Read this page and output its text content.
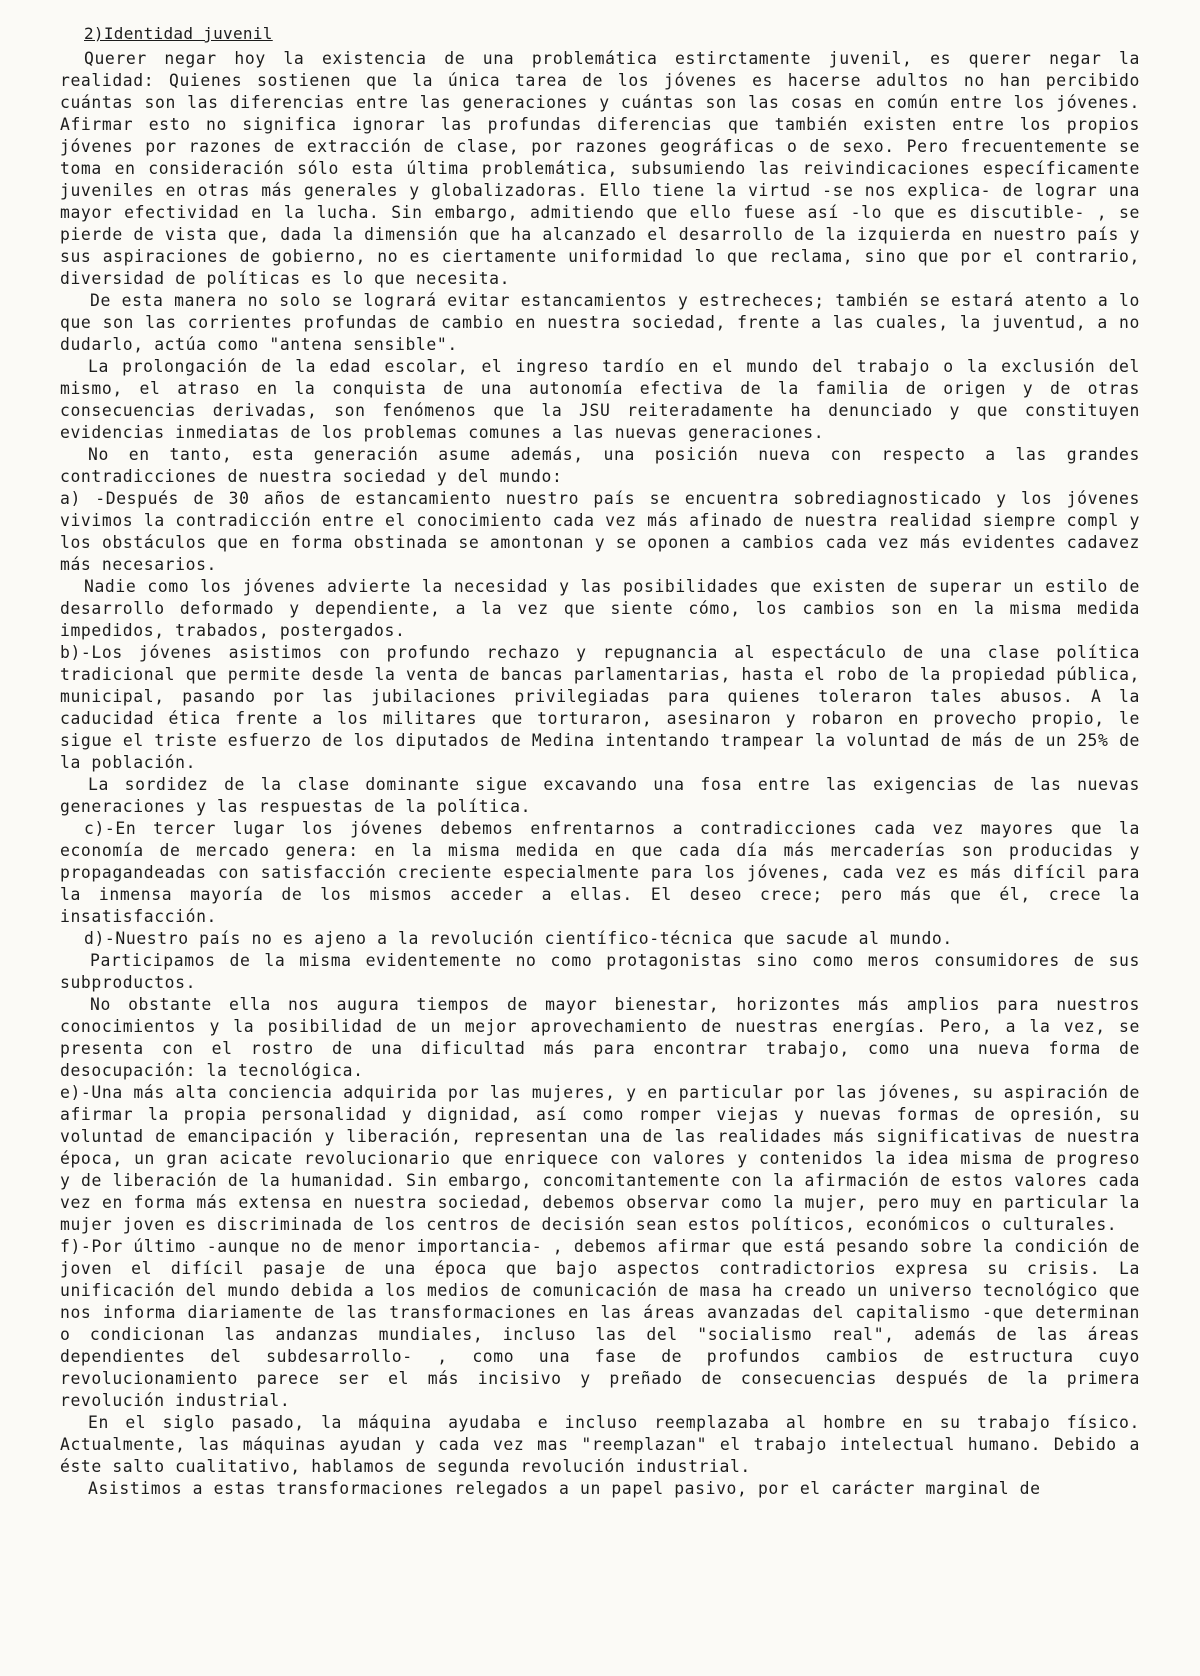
2)Identidad juvenil

Querer negar hoy la existencia de una problemática estirctamente juvenil, es querer negar la realidad: Quienes sostienen que la única tarea de los jóvenes es hacerse adultos no han percibido cuántas son las diferencias entre las generaciones y cuántas son las cosas en común entre los jóvenes. Afirmar esto no significa ignorar las profundas diferencias que también existen entre los propios jóvenes por razones de extracción de clase, por razones geográficas o de sexo. Pero frecuentemente se toma en consideración sólo esta última problemática, subsumiendo las reivindicaciones específicamente juveniles en otras más generales y globalizadoras. Ello tiene la virtud -se nos explica- de lograr una mayor efectividad en la lucha. Sin embargo, admitiendo que ello fuese así -lo que es discutible- , se pierde de vista que, dada la dimensión que ha alcanzado el desarrollo de la izquierda en nuestro país y sus aspiraciones de gobierno, no es ciertamente uniformidad lo que reclama, sino que por el contrario, diversidad de políticas es lo que necesita.

De esta manera no solo se logrará evitar estancamientos y estrecheces; también se estará atento a lo que son las corrientes profundas de cambio en nuestra sociedad, frente a las cuales, la juventud, a no dudarlo, actúa como "antena sensible".

La prolongación de la edad escolar, el ingreso tardío en el mundo del trabajo o la exclusión del mismo, el atraso en la conquista de una autonomía efectiva de la familia de origen y de otras consecuencias derivadas, son fenómenos que la JSU reiteradamente ha denunciado y que constituyen evidencias inmediatas de los problemas comunes a las nuevas generaciones.

No en tanto, esta generación asume además, una posición nueva con respecto a las grandes contradicciones de nuestra sociedad y del mundo:

a) -Después de 30 años de estancamiento nuestro país se encuentra sobrediagnosticado y los jóvenes vivimos la contradicción entre el conocimiento cada vez más afinado de nuestra realidad siempre compl y los obstáculos que en forma obstinada se amontonan y se oponen a cambios cada vez más evidentes cadavez más necesarios.

Nadie como los jóvenes advierte la necesidad y las posibilidades que existen de superar un estilo de desarrollo deformado y dependiente, a la vez que siente cómo, los cambios son en la misma medida impedidos, trabados, postergados.

b)-Los jóvenes asistimos con profundo rechazo y repugnancia al espectáculo de una clase política tradicional que permite desde la venta de bancas parlamentarias, hasta el robo de la propiedad pública, municipal, pasando por las jubilaciones privilegiadas para quienes toleraron tales abusos. A la caducidad ética frente a los militares que torturaron, asesinaron y robaron en provecho propio, le sigue el triste esfuerzo de los diputados de Medina intentando trampear la voluntad de más de un 25% de la población.

La sordidez de la clase dominante sigue excavando una fosa entre las exigencias de las nuevas generaciones y las respuestas de la política.

c)-En tercer lugar los jóvenes debemos enfrentarnos a contradicciones cada vez mayores que la economía de mercado genera: en la misma medida en que cada día más mercaderías son producidas y propagandeadas con satisfacción creciente especialmente para los jóvenes, cada vez es más difícil para la inmensa mayoría de los mismos acceder a ellas. El deseo crece; pero más que él, crece la insatisfacción.

d)-Nuestro país no es ajeno a la revolución científico-técnica que sacude al mundo.

Participamos de la misma evidentemente no como protagonistas sino como meros consumidores de sus subproductos.

No obstante ella nos augura tiempos de mayor bienestar, horizontes más amplios para nuestros conocimientos y la posibilidad de un mejor aprovechamiento de nuestras energías. Pero, a la vez, se presenta con el rostro de una dificultad más para encontrar trabajo, como una nueva forma de desocupación: la tecnológica.

e)-Una más alta conciencia adquirida por las mujeres, y en particular por las jóvenes, su aspiración de afirmar la propia personalidad y dignidad, así como romper viejas y nuevas formas de opresión, su voluntad de emancipación y liberación, representan una de las realidades más significativas de nuestra época, un gran acicate revolucionario que enriquece con valores y contenidos la idea misma de progreso y de liberación de la humanidad. Sin embargo, concomitantemente con la afirmación de estos valores cada vez en forma más extensa en nuestra sociedad, debemos observar como la mujer, pero muy en particular la mujer joven es discriminada de los centros de decisión sean estos políticos, económicos o culturales.

f)-Por último -aunque no de menor importancia- , debemos afirmar que está pesando sobre la condición de joven el difícil pasaje de una época que bajo aspectos contradictorios expresa su crisis. La unificación del mundo debida a los medios de comunicación de masa ha creado un universo tecnológico que nos informa diariamente de las transformaciones en las áreas avanzadas del capitalismo -que determinan o condicionan las andanzas mundiales, incluso las del "socialismo real", además de las áreas dependientes del subdesarrollo- , como una fase de profundos cambios de estructura cuyo revolucionamiento parece ser el más incisivo y preñado de consecuencias después de la primera revolución industrial.

En el siglo pasado, la máquina ayudaba e incluso reemplazaba al hombre en su trabajo físico. Actualmente, las máquinas ayudan y cada vez mas "reemplazan" el trabajo intelectual humano. Debido a éste salto cualitativo, hablamos de segunda revolución industrial.

Asistimos a estas transformaciones relegados a un papel pasivo, por el carácter marginal de
